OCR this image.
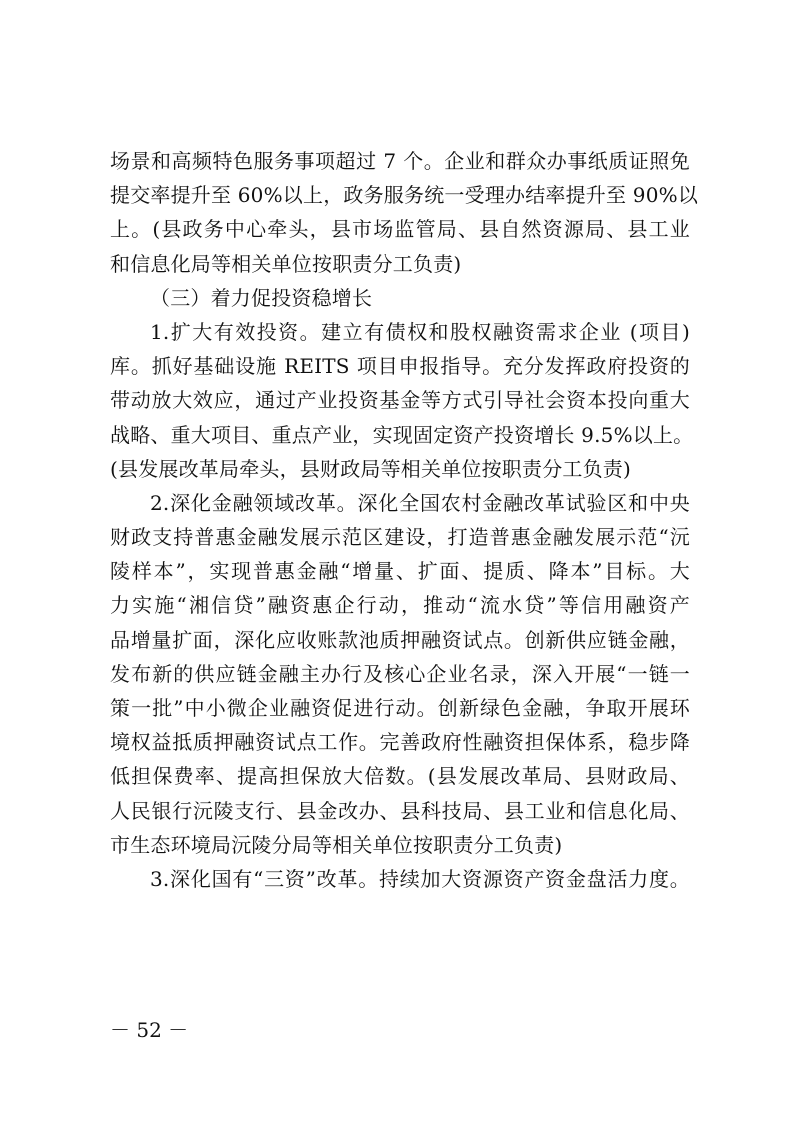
场景和高频特色服务事项超过 7 个。企业和群众办事纸质证照免
提交率提升至 60%以上，政务服务统一受理办结率提升至 90%以
上。(县政务中心牵头，县市场监管局、县自然资源局、县工业
和信息化局等相关单位按职责分工负责)
（三）着力促投资稳增长
1.扩大有效投资。建立有债权和股权融资需求企业 (项目)
库。抓好基础设施 REITS 项目申报指导。充分发挥政府投资的
带动放大效应，通过产业投资基金等方式引导社会资本投向重大
战略、重大项目、重点产业，实现固定资产投资增长 9.5%以上。
(县发展改革局牵头，县财政局等相关单位按职责分工负责)
2.深化金融领域改革。深化全国农村金融改革试验区和中央
财政支持普惠金融发展示范区建设，打造普惠金融发展示范“沅
陵样本”，实现普惠金融“增量、扩面、提质、降本”目标。大
力实施“湘信贷”融资惠企行动，推动“流水贷”等信用融资产
品增量扩面，深化应收账款池质押融资试点。创新供应链金融，
发布新的供应链金融主办行及核心企业名录，深入开展“一链一
策一批”中小微企业融资促进行动。创新绿色金融，争取开展环
境权益抵质押融资试点工作。完善政府性融资担保体系，稳步降
低担保费率、提高担保放大倍数。(县发展改革局、县财政局、
人民银行沅陵支行、县金改办、县科技局、县工业和信息化局、
市生态环境局沅陵分局等相关单位按职责分工负责)
3.深化国有“三资”改革。持续加大资源资产资金盘活力度。
－ 52 －
